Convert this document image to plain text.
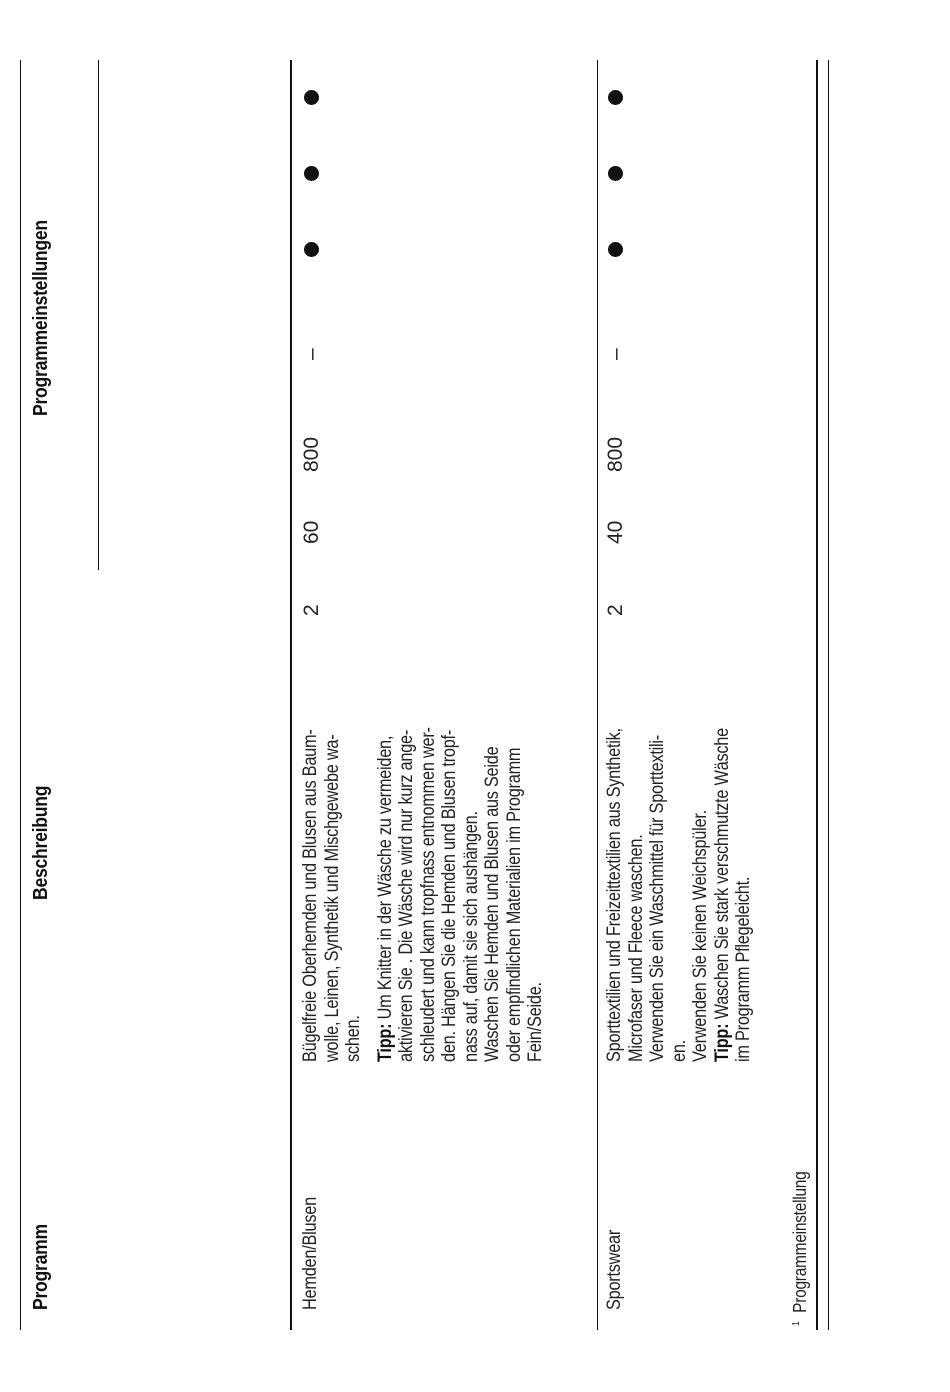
Programm
Beschreibung
Programmeinstellungen
Hemden/Blusen
Bügelfreie Oberhemden und Blusen aus Baum- wolle, Leinen, Synthetik und Mischgewebe wa- schen. Tipp: Um Knitter in der Wäsche zu vermeiden, aktivieren Sie . Die Wäsche wird nur kurz ange- schleudert und kann tropfnass entnommen wer- den. Hängen Sie die Hemden und Blusen tropf- nass auf, damit sie sich aushängen. Waschen Sie Hemden und Blusen aus Seide oder empfindlichen Materialien im Programm Fein/Seide.
2
60
800
–
Sportswear
Sporttextilien und Freizeittextilien aus Synthetik, Microfaser und Fleece waschen. Verwenden Sie ein Waschmittel für Sporttextili- en. Verwenden Sie keinen Weichspüler. Tipp: Waschen Sie stark verschmutzte Wäsche im Programm Pflegeleicht.
2
40
800
–
$^1$Programmeinstellung
